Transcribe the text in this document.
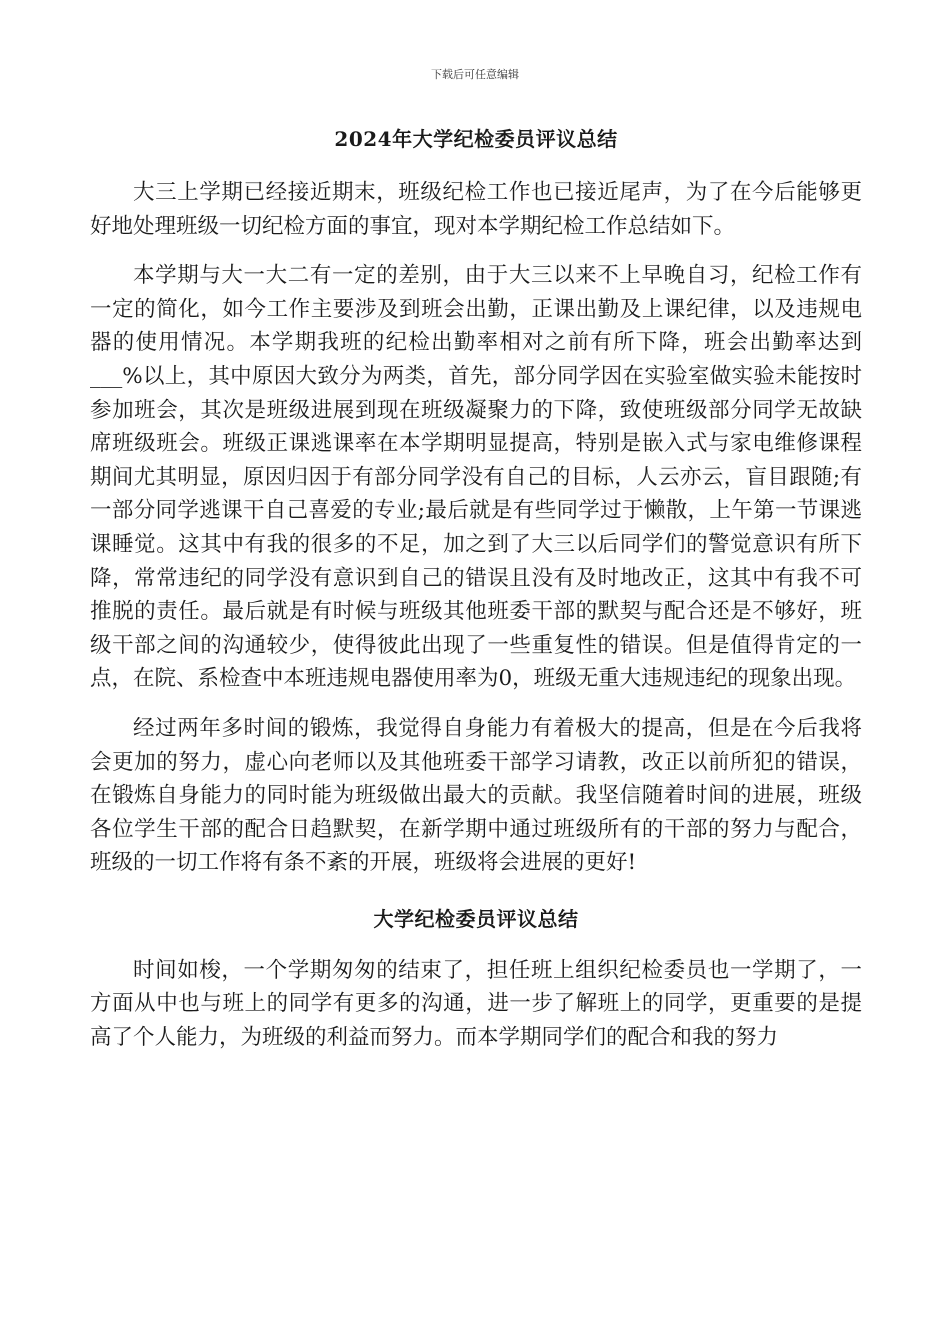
下载后可任意编辑
2024年大学纪检委员评议总结

大三上学期已经接近期末，班级纪检工作也已接近尾声，为了在今后能够更好地处理班级一切纪检方面的事宜，现对本学期纪检工作总结如下。

本学期与大一大二有一定的差别，由于大三以来不上早晚自习，纪检工作有一定的简化，如今工作主要涉及到班会出勤，正课出勤及上课纪律，以及违规电器的使用情况。本学期我班的纪检出勤率相对之前有所下降，班会出勤率达到___%以上，其中原因大致分为两类，首先，部分同学因在实验室做实验未能按时参加班会，其次是班级进展到现在班级凝聚力的下降，致使班级部分同学无故缺席班级班会。班级正课逃课率在本学期明显提高，特别是嵌入式与家电维修课程期间尤其明显，原因归因于有部分同学没有自己的目标，人云亦云，盲目跟随;有一部分同学逃课干自己喜爱的专业;最后就是有些同学过于懒散，上午第一节课逃课睡觉。这其中有我的很多的不足，加之到了大三以后同学们的警觉意识有所下降，常常违纪的同学没有意识到自己的错误且没有及时地改正，这其中有我不可推脱的责任。最后就是有时候与班级其他班委干部的默契与配合还是不够好，班级干部之间的沟通较少，使得彼此出现了一些重复性的错误。但是值得肯定的一点，在院、系检查中本班违规电器使用率为0，班级无重大违规违纪的现象出现。

经过两年多时间的锻炼，我觉得自身能力有着极大的提高，但是在今后我将会更加的努力，虚心向老师以及其他班委干部学习请教，改正以前所犯的错误，在锻炼自身能力的同时能为班级做出最大的贡献。我坚信随着时间的进展，班级各位学生干部的配合日趋默契，在新学期中通过班级所有的干部的努力与配合，班级的一切工作将有条不紊的开展，班级将会进展的更好!

大学纪检委员评议总结

时间如梭，一个学期匆匆的结束了，担任班上组织纪检委员也一学期了，一方面从中也与班上的同学有更多的沟通，进一步了解班上的同学，更重要的是提高了个人能力，为班级的利益而努力。而本学期同学们的配合和我的努力
